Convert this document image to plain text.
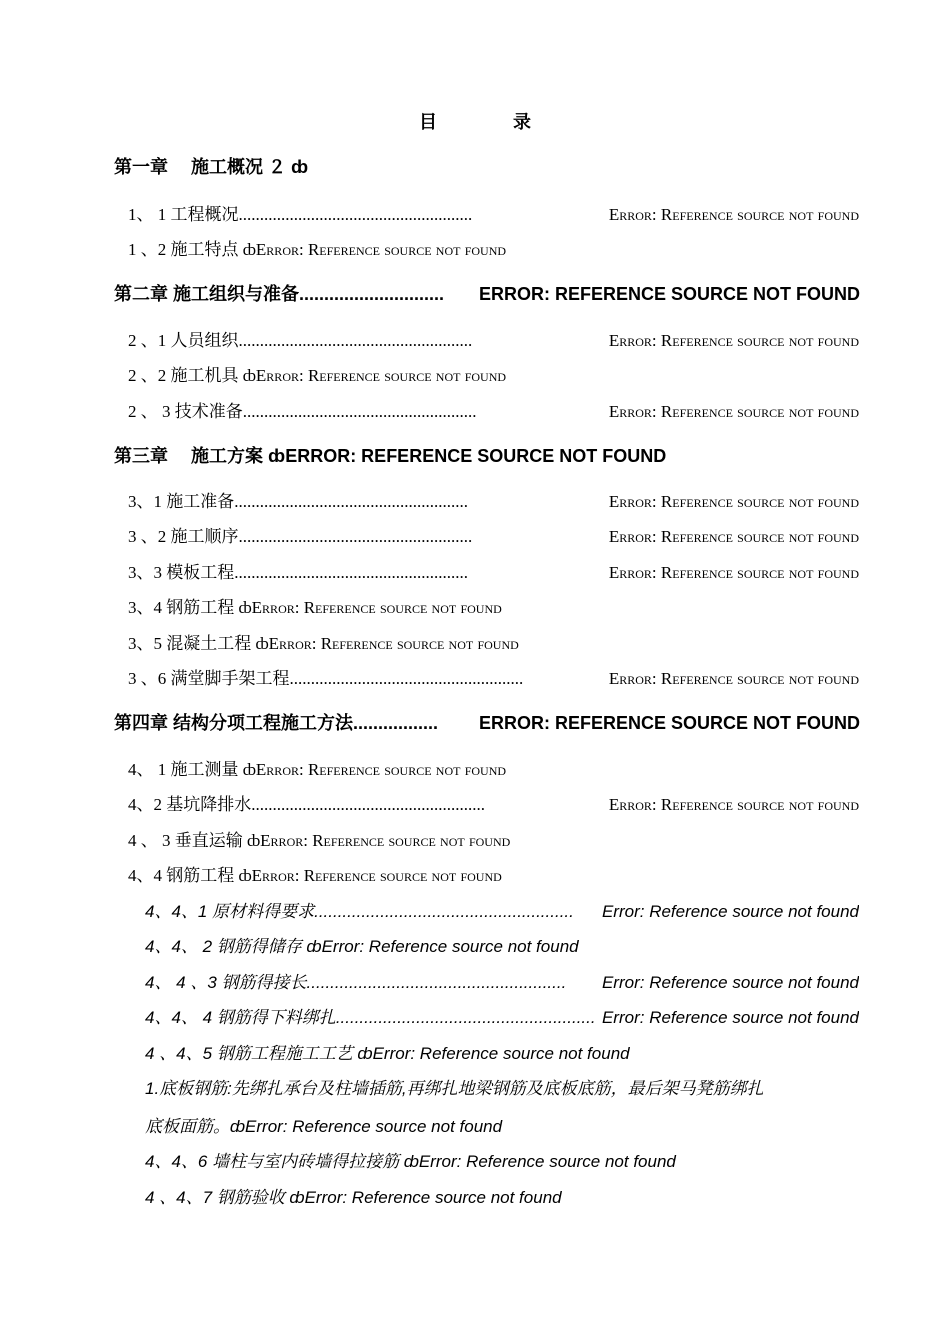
目	录
第一章　 施工概况 ２ ȸ
1、 1 工程概况 .......................................................	Error: Reference source not found
1 、2 施工特点 ȸError: Reference source not found
第二章 施工组织与准备 .............................	ERROR: REFERENCE SOURCE NOT FOUND
2 、1 人员组织 .......................................................	Error: Reference source not found
2 、2 施工机具 ȸError: Reference source not found
2 、 3 技术准备 .......................................................	Error: Reference source not found
第三章 　施工方案 ȸERROR: REFERENCE SOURCE NOT FOUND
3、1 施工准备 .......................................................	Error: Reference source not found
3 、2 施工顺序 .......................................................	Error: Reference source not found
3、3 模板工程 .......................................................	Error: Reference source not found
3、4 钢筋工程 ȸError: Reference source not found
3、5 混凝土工程 ȸError: Reference source not found
3 、6 满堂脚手架工程 .......................................................	Error: Reference source not found
第四章 结构分项工程施工方法 .................	ERROR: REFERENCE SOURCE NOT FOUND
4、 1 施工测量 ȸError: Reference source not found
4、2 基坑降排水 .......................................................	Error: Reference source not found
4 、 3 垂直运输 ȸError: Reference source not found
4、4 钢筋工程 ȸError: Reference source not found
4、4、1 原材料得要求 .......................................................	Error: Reference source not found
4、4、 2 钢筋得储存 ȸError: Reference source not found
4、 4 、3 钢筋得接长 .......................................................	Error: Reference source not found
4、4、 4 钢筋得下料绑扎 ....................................................... Error: Reference source not found
4 、4、5 钢筋工程施工工艺 ȸError: Reference source not found
1.底板钢筋:先绑扎承台及柱墙插筋,再绑扎地梁钢筋及底板底筋，最后架马凳筋绑扎
底板面筋。ȸError: Reference source not found
4、4、6 墙柱与室内砖墙得拉接筋 ȸError: Reference source not found
4 、4、7 钢筋验收 ȸError: Reference source not found
